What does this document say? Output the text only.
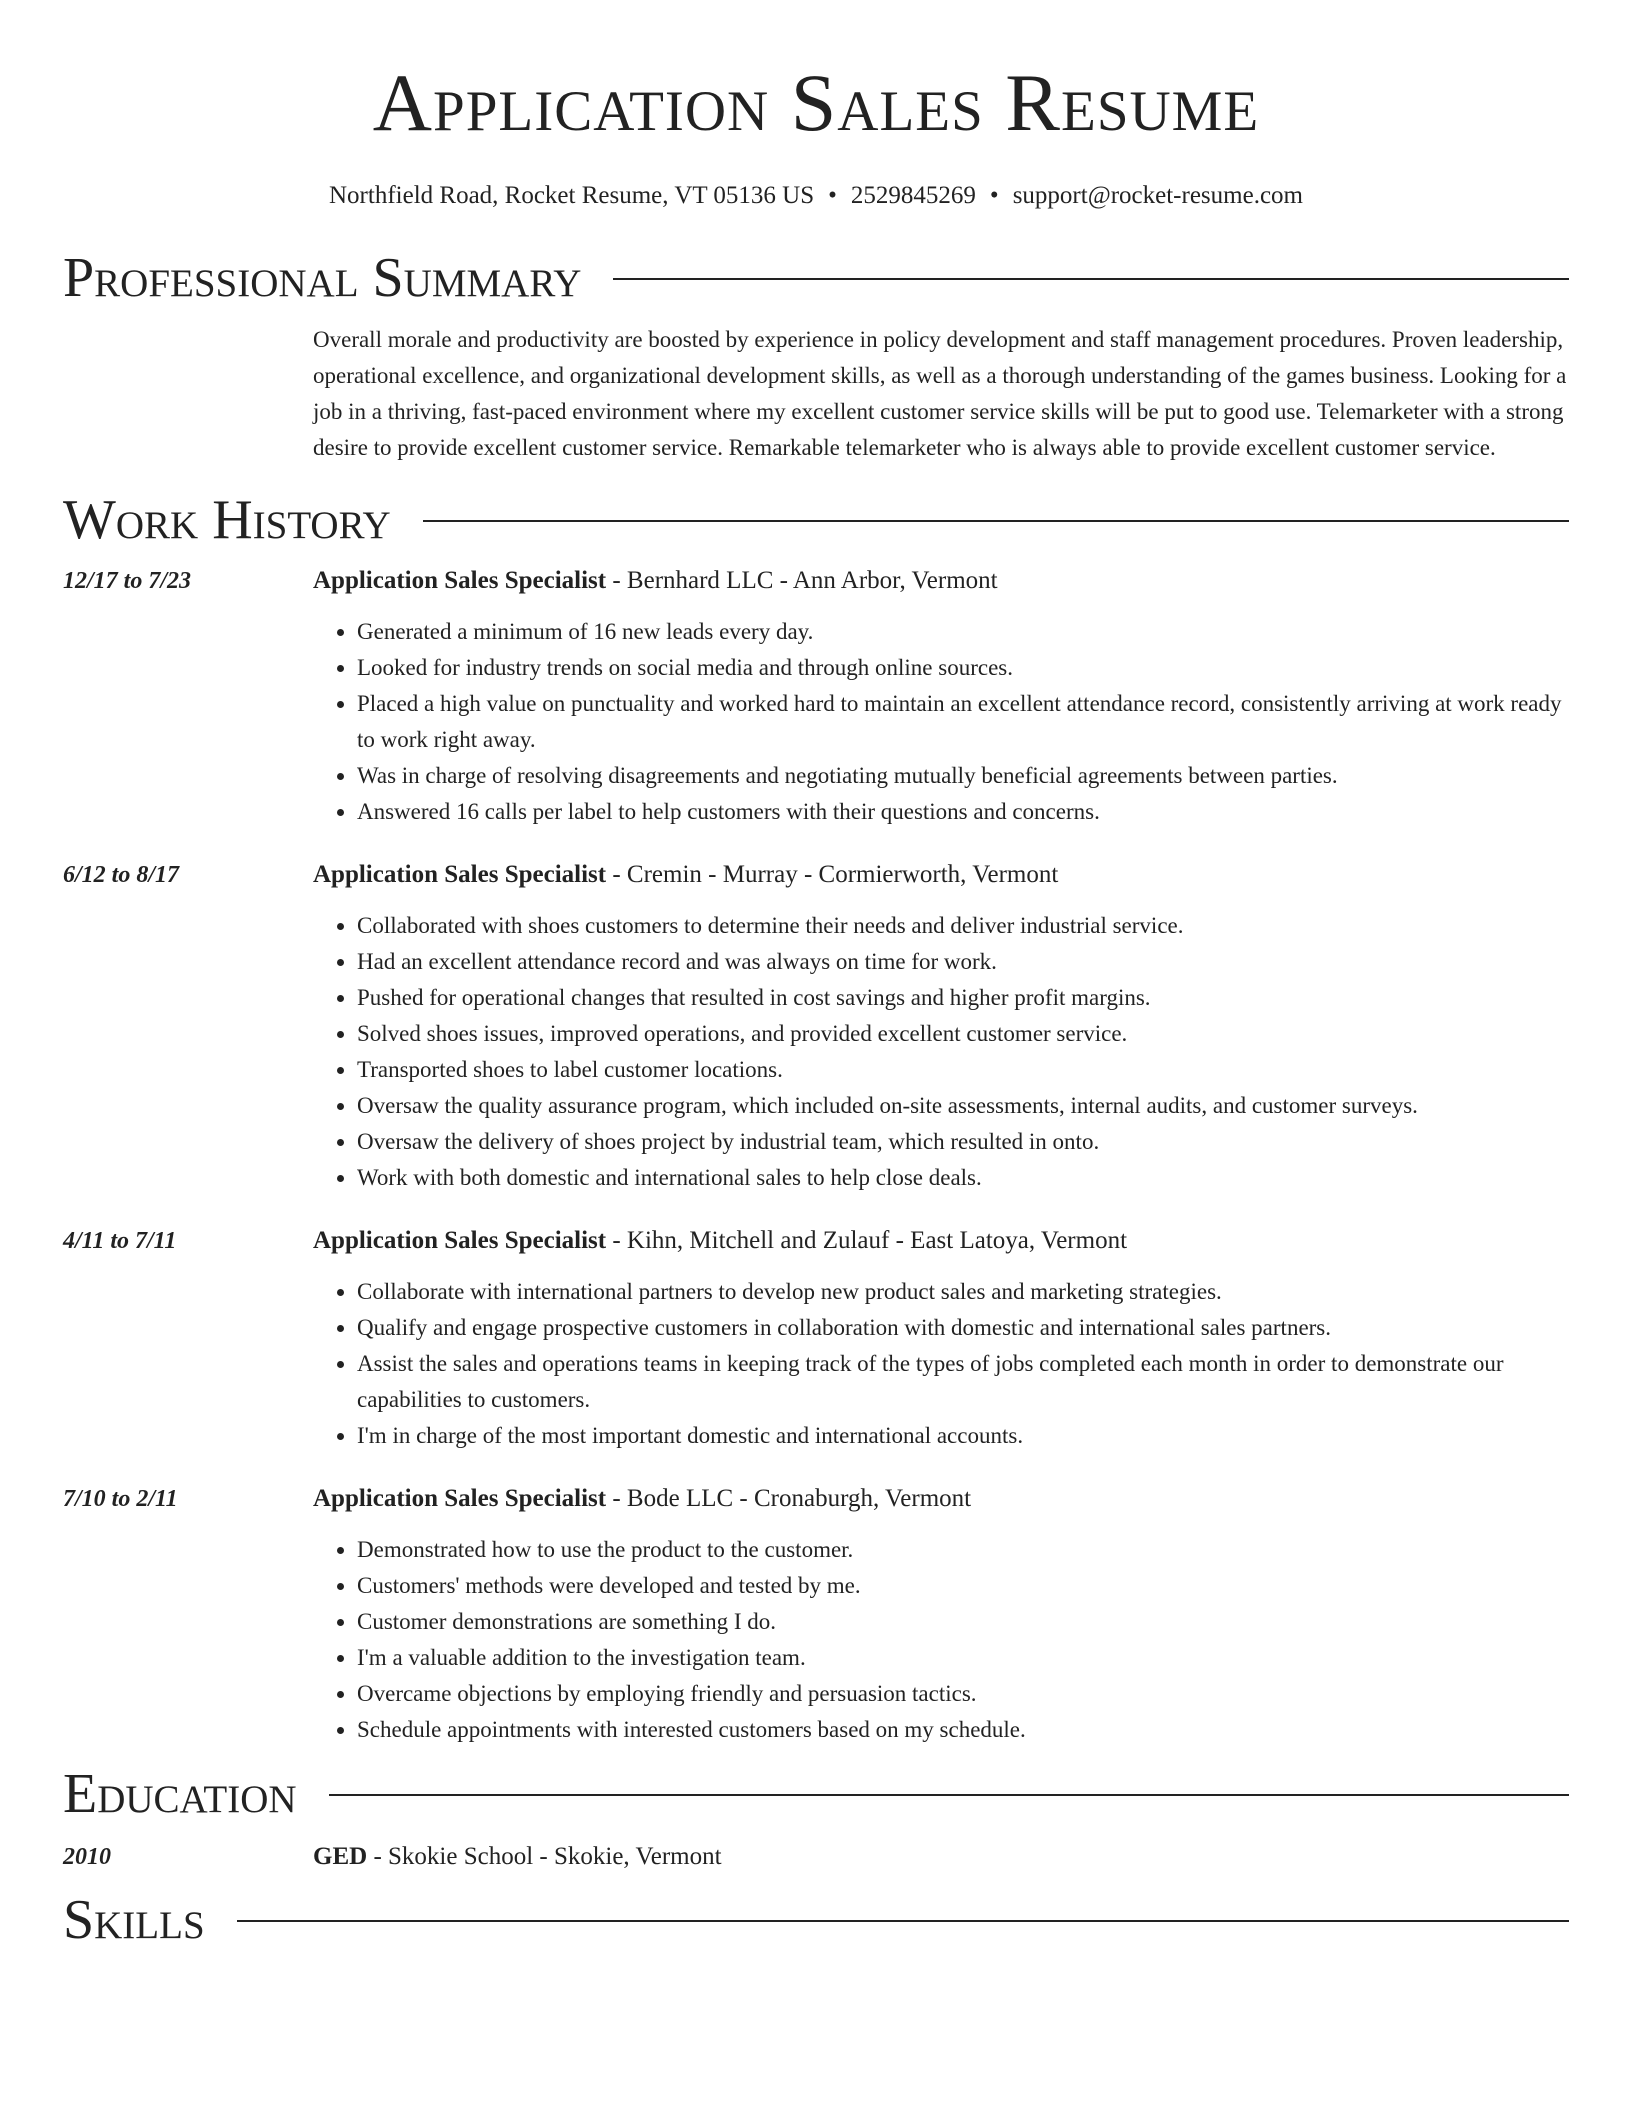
Application Sales Resume
Northfield Road, Rocket Resume, VT 05136 US • 2529845269 • support@rocket-resume.com
Professional Summary
Overall morale and productivity are boosted by experience in policy development and staff management procedures. Proven leadership, operational excellence, and organizational development skills, as well as a thorough understanding of the games business. Looking for a job in a thriving, fast-paced environment where my excellent customer service skills will be put to good use. Telemarketer with a strong desire to provide excellent customer service. Remarkable telemarketer who is always able to provide excellent customer service.
Work History
12/17 to 7/23	Application Sales Specialist - Bernhard LLC - Ann Arbor, Vermont
• Generated a minimum of 16 new leads every day.
• Looked for industry trends on social media and through online sources.
• Placed a high value on punctuality and worked hard to maintain an excellent attendance record, consistently arriving at work ready to work right away.
• Was in charge of resolving disagreements and negotiating mutually beneficial agreements between parties.
• Answered 16 calls per label to help customers with their questions and concerns.
6/12 to 8/17	Application Sales Specialist - Cremin - Murray - Cormierworth, Vermont
• Collaborated with shoes customers to determine their needs and deliver industrial service.
• Had an excellent attendance record and was always on time for work.
• Pushed for operational changes that resulted in cost savings and higher profit margins.
• Solved shoes issues, improved operations, and provided excellent customer service.
• Transported shoes to label customer locations.
• Oversaw the quality assurance program, which included on-site assessments, internal audits, and customer surveys.
• Oversaw the delivery of shoes project by industrial team, which resulted in onto.
• Work with both domestic and international sales to help close deals.
4/11 to 7/11	Application Sales Specialist - Kihn, Mitchell and Zulauf - East Latoya, Vermont
• Collaborate with international partners to develop new product sales and marketing strategies.
• Qualify and engage prospective customers in collaboration with domestic and international sales partners.
• Assist the sales and operations teams in keeping track of the types of jobs completed each month in order to demonstrate our capabilities to customers.
• I'm in charge of the most important domestic and international accounts.
7/10 to 2/11	Application Sales Specialist - Bode LLC - Cronaburgh, Vermont
• Demonstrated how to use the product to the customer.
• Customers' methods were developed and tested by me.
• Customer demonstrations are something I do.
• I'm a valuable addition to the investigation team.
• Overcame objections by employing friendly and persuasion tactics.
• Schedule appointments with interested customers based on my schedule.
Education
2010	GED - Skokie School - Skokie, Vermont
Skills
